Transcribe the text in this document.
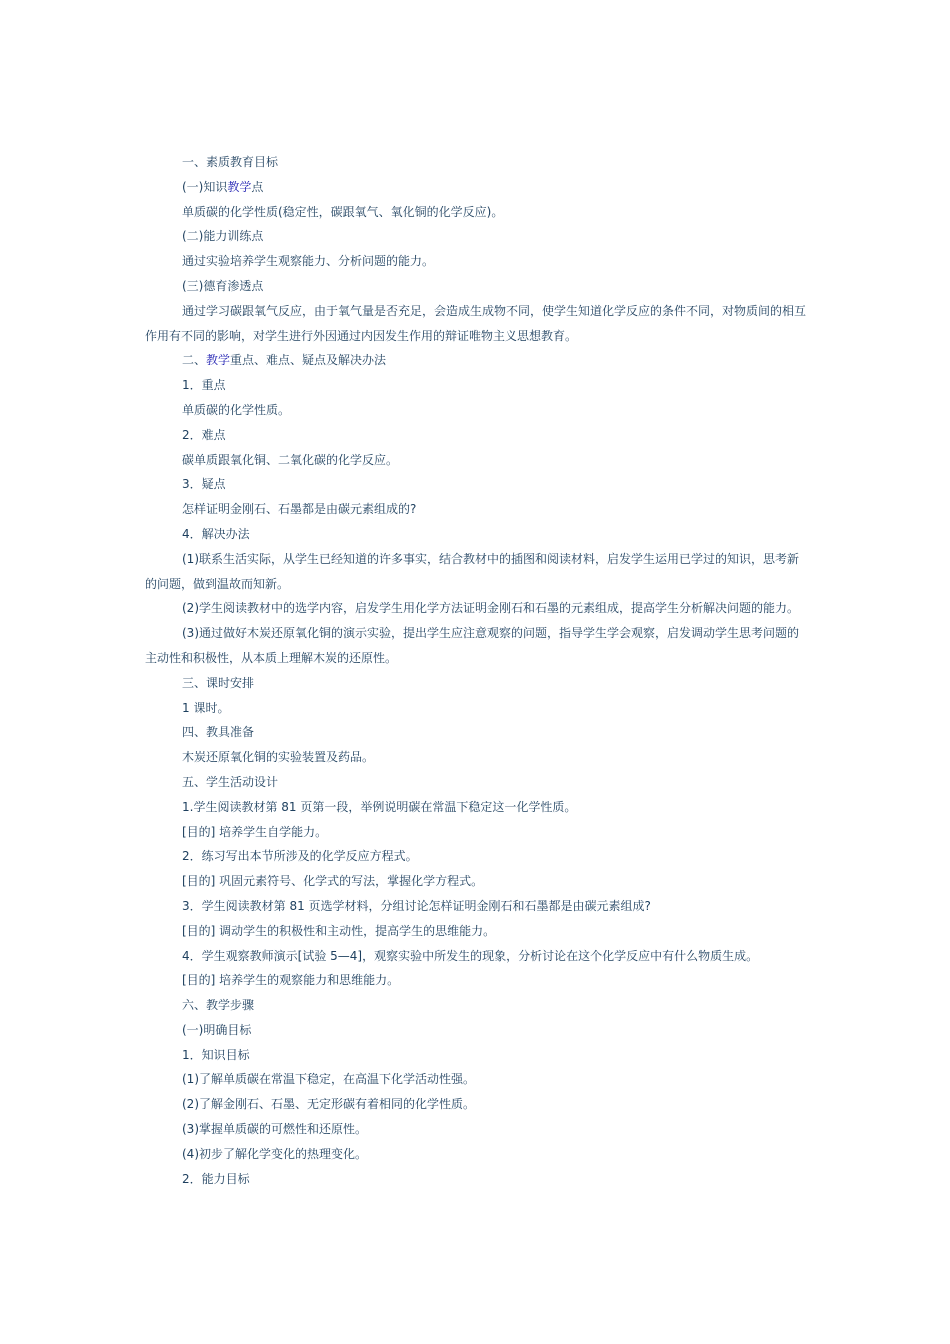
一、素质教育目标

(一)知识教学点

单质碳的化学性质(稳定性，碳跟氧气、氧化铜的化学反应)。

(二)能力训练点

通过实验培养学生观察能力、分析问题的能力。

(三)德育渗透点

通过学习碳跟氧气反应，由于氧气量是否充足，会造成生成物不同，使学生知道化学反应的条件不同，对物质间的相互作用有不同的影响，对学生进行外因通过内因发生作用的辩证唯物主义思想教育。

二、教学重点、难点、疑点及解决办法

1．重点

单质碳的化学性质。

2．难点

碳单质跟氧化铜、二氧化碳的化学反应。

3．疑点

怎样证明金刚石、石墨都是由碳元素组成的?

4．解决办法

(1)联系生活实际，从学生已经知道的许多事实，结合教材中的插图和阅读材料，启发学生运用已学过的知识，思考新的问题，做到温故而知新。

(2)学生阅读教材中的选学内容，启发学生用化学方法证明金刚石和石墨的元素组成，提高学生分析解决问题的能力。

(3)通过做好木炭还原氧化铜的演示实验，提出学生应注意观察的问题，指导学生学会观察，启发调动学生思考问题的主动性和积极性，从本质上理解木炭的还原性。

三、课时安排

1 课时。

四、教具准备

木炭还原氧化铜的实验装置及药品。

五、学生活动设计

1.学生阅读教材第 81 页第一段，举例说明碳在常温下稳定这一化学性质。

[目的] 培养学生自学能力。

2．练习写出本节所涉及的化学反应方程式。

[目的] 巩固元素符号、化学式的写法，掌握化学方程式。

3．学生阅读教材第 81 页选学材料，分组讨论怎样证明金刚石和石墨都是由碳元素组成?

[目的] 调动学生的积极性和主动性，提高学生的思维能力。

4．学生观察教师演示[试验 5—4]，观察实验中所发生的现象，分析讨论在这个化学反应中有什么物质生成。

[目的] 培养学生的观察能力和思维能力。

六、教学步骤

(一)明确目标

1．知识目标

(1)了解单质碳在常温下稳定，在高温下化学活动性强。

(2)了解金刚石、石墨、无定形碳有着相同的化学性质。

(3)掌握单质碳的可燃性和还原性。

(4)初步了解化学变化的热理变化。

2．能力目标
